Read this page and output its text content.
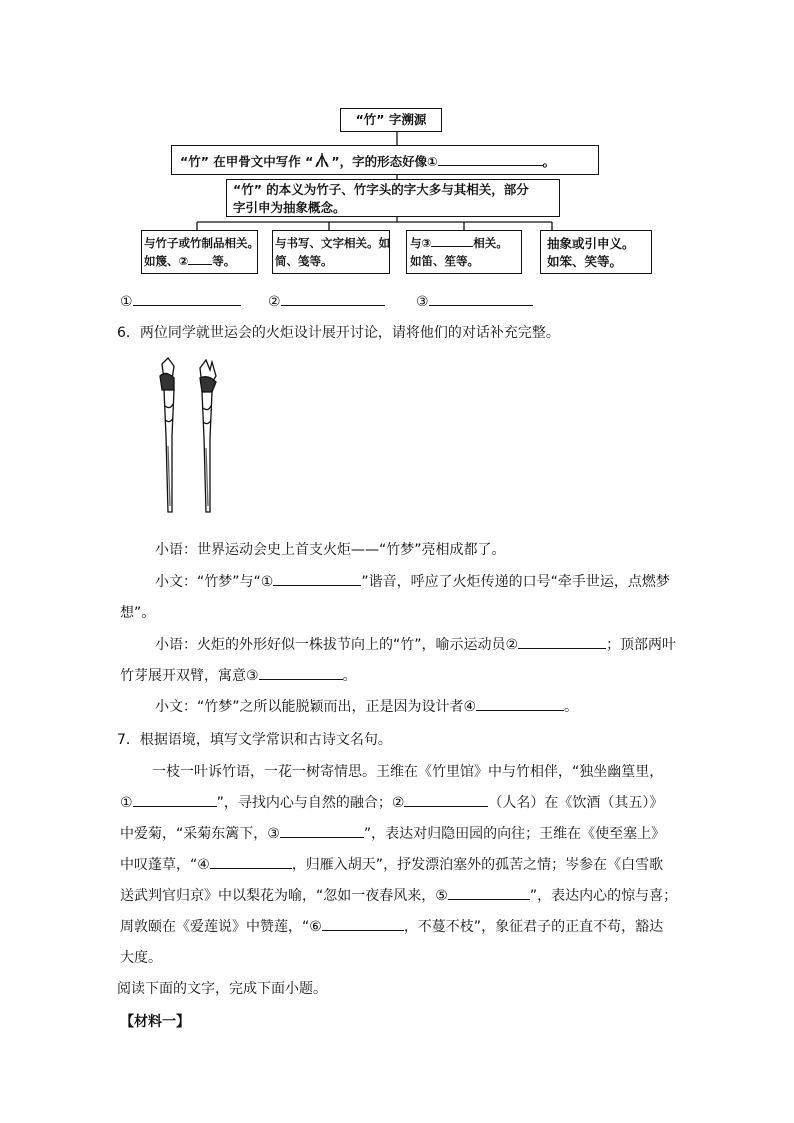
“竹” 字溯源
“竹” 在甲骨文中写作 “ ”，字的形态好像①	。
“竹” 的本义为竹子、竹字头的字大多与其相关，部分
字引申为抽象概念。
与竹子或竹制品相关。
如篾、② 等。
与书写、文字相关。如
简、笺等。
与③	相关。
如笛、笙等。
抽象或引申义。
如笨、笑等。
①	②	③
6．两位同学就世运会的火炬设计展开讨论，请将他们的对话补充完整。
小语：世界运动会史上首支火炬——“竹梦”亮相成都了。
小文：“竹梦”与“①	”谐音，呼应了火炬传递的口号“牵手世运，点燃梦
想”。
小语：火炬的外形好似一株拔节向上的“竹”，喻示运动员②	；顶部两叶
竹芽展开双臂，寓意③	。
小文：“竹梦”之所以能脱颖而出，正是因为设计者④	。
7．根据语境，填写文学常识和古诗文名句。
一枝一叶诉竹语，一花一树寄情思。王维在《竹里馆》中与竹相伴，“独坐幽篁里，
①	”，寻找内心与自然的融合；②	（人名）在《饮酒（其五）》
中爱菊，“采菊东篱下，③	”，表达对归隐田园的向往；王维在《使至塞上》
中叹蓬草，“④	，归雁入胡天”，抒发漂泊塞外的孤苦之情；岑参在《白雪歌
送武判官归京》中以梨花为喻，“忽如一夜春风来，⑤	”，表达内心的惊与喜；
周敦颐在《爱莲说》中赞莲，“⑥	，不蔓不枝”，象征君子的正直不苟，豁达
大度。
阅读下面的文字，完成下面小题。
【材料一】
